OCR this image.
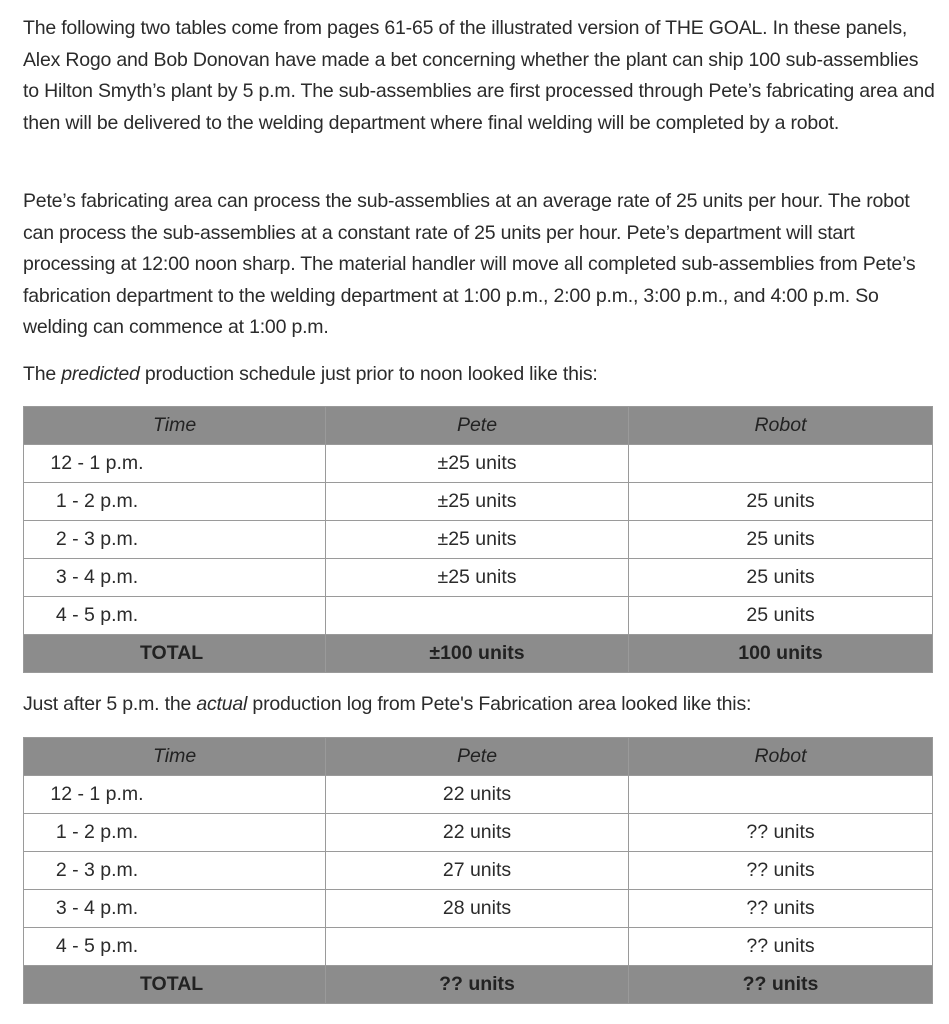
The following two tables come from pages 61-65 of the illustrated version of THE GOAL. In these panels, Alex Rogo and Bob Donovan have made a bet concerning whether the plant can ship 100 sub-assemblies to Hilton Smyth’s plant by 5 p.m. The sub-assemblies are first processed through Pete’s fabricating area and then will be delivered to the welding department where final welding will be completed by a robot.

Pete’s fabricating area can process the sub-assemblies at an average rate of 25 units per hour. The robot can process the sub-assemblies at a constant rate of 25 units per hour. Pete’s department will start processing at 12:00 noon sharp. The material handler will move all completed sub-assemblies from Pete’s fabrication department to the welding department at 1:00 p.m., 2:00 p.m., 3:00 p.m., and 4:00 p.m. So welding can commence at 1:00 p.m.

The predicted production schedule just prior to noon looked like this:

Time	Pete	Robot
12 - 1 p.m.	±25 units	
1 - 2 p.m.	±25 units	25 units
2 - 3 p.m.	±25 units	25 units
3 - 4 p.m.	±25 units	25 units
4 - 5 p.m.		25 units
TOTAL	±100 units	100 units

Just after 5 p.m. the actual production log from Pete's Fabrication area looked like this:

Time	Pete	Robot
12 - 1 p.m.	22 units	
1 - 2 p.m.	22 units	?? units
2 - 3 p.m.	27 units	?? units
3 - 4 p.m.	28 units	?? units
4 - 5 p.m.		?? units
TOTAL	?? units	?? units
